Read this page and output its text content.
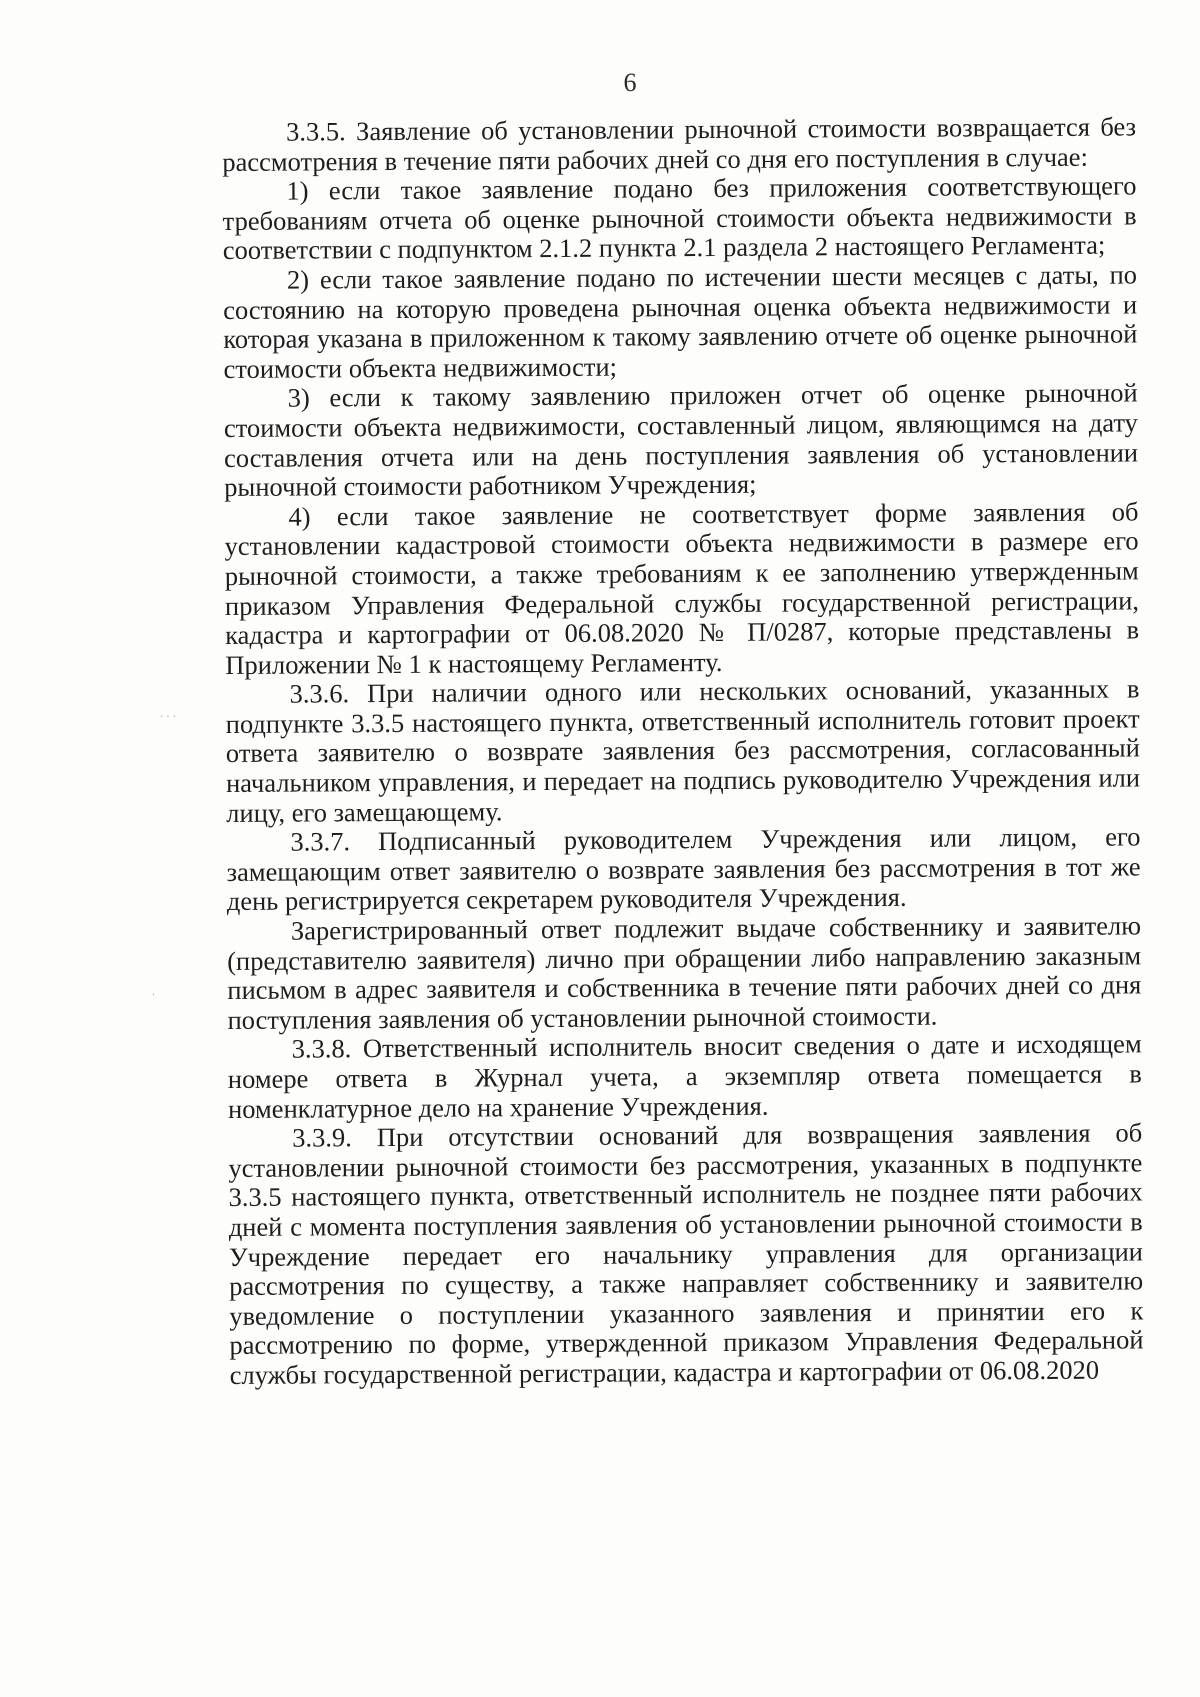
6

3.3.5. Заявление об установлении рыночной стоимости возвращается без рассмотрения в течение пяти рабочих дней со дня его поступления в случае:

1) если такое заявление подано без приложения соответствующего требованиям отчета об оценке рыночной стоимости объекта недвижимости в соответствии с подпунктом 2.1.2 пункта 2.1 раздела 2 настоящего Регламента;

2) если такое заявление подано по истечении шести месяцев с даты, по состоянию на которую проведена рыночная оценка объекта недвижимости и которая указана в приложенном к такому заявлению отчете об оценке рыночной стоимости объекта недвижимости;

3) если к такому заявлению приложен отчет об оценке рыночной стоимости объекта недвижимости, составленный лицом, являющимся на дату составления отчета или на день поступления заявления об установлении рыночной стоимости работником Учреждения;

4) если такое заявление не соответствует форме заявления об установлении кадастровой стоимости объекта недвижимости в размере его рыночной стоимости, а также требованиям к ее заполнению утвержденным приказом Управления Федеральной службы государственной регистрации, кадастра и картографии от 06.08.2020 № П/0287, которые представлены в Приложении № 1 к настоящему Регламенту.

3.3.6. При наличии одного или нескольких оснований, указанных в подпункте 3.3.5 настоящего пункта, ответственный исполнитель готовит проект ответа заявителю о возврате заявления без рассмотрения, согласованный начальником управления, и передает на подпись руководителю Учреждения или лицу, его замещающему.

3.3.7. Подписанный руководителем Учреждения или лицом, его замещающим ответ заявителю о возврате заявления без рассмотрения в тот же день регистрируется секретарем руководителя Учреждения.

Зарегистрированный ответ подлежит выдаче собственнику и заявителю (представителю заявителя) лично при обращении либо направлению заказным письмом в адрес заявителя и собственника в течение пяти рабочих дней со дня поступления заявления об установлении рыночной стоимости.

3.3.8. Ответственный исполнитель вносит сведения о дате и исходящем номере ответа в Журнал учета, а экземпляр ответа помещается в номенклатурное дело на хранение Учреждения.

3.3.9. При отсутствии оснований для возвращения заявления об установлении рыночной стоимости без рассмотрения, указанных в подпункте 3.3.5 настоящего пункта, ответственный исполнитель не позднее пяти рабочих дней с момента поступления заявления об установлении рыночной стоимости в Учреждение передает его начальнику управления для организации рассмотрения по существу, а также направляет собственнику и заявителю уведомление о поступлении указанного заявления и принятии его к рассмотрению по форме, утвержденной приказом Управления Федеральной службы государственной регистрации, кадастра и картографии от 06.08.2020

· · ·
·
